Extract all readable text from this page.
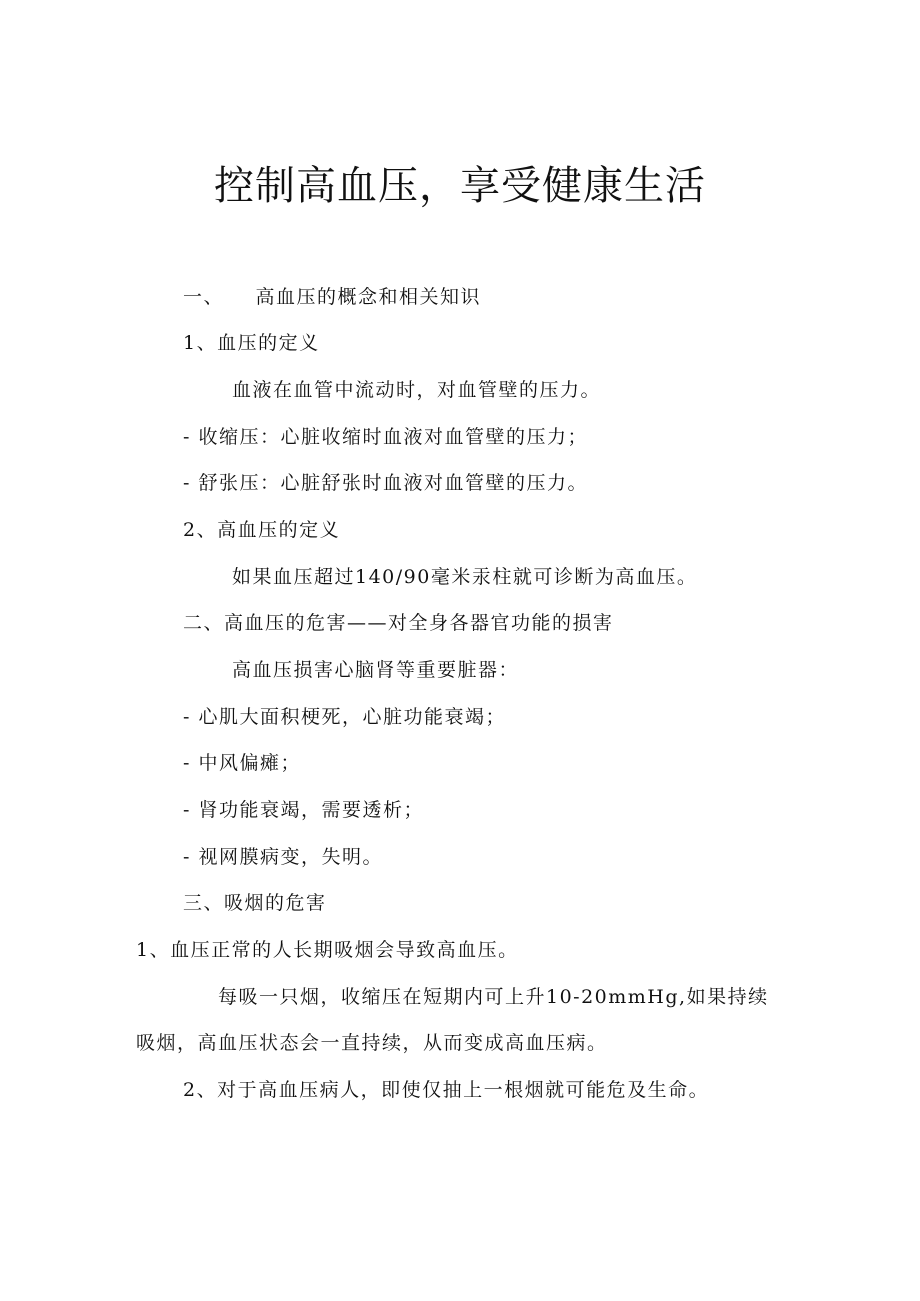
控制高血压，享受健康生活

一、　　高血压的概念和相关知识

1、血压的定义

血液在血管中流动时，对血管壁的压力。

- 收缩压：心脏收缩时血液对血管壁的压力；

- 舒张压：心脏舒张时血液对血管壁的压力。

2、高血压的定义

如果血压超过140/90毫米汞柱就可诊断为高血压。

二、高血压的危害——对全身各器官功能的损害

高血压损害心脑肾等重要脏器：

- 心肌大面积梗死，心脏功能衰竭；

- 中风偏瘫；

- 肾功能衰竭，需要透析；

- 视网膜病变，失明。

三、吸烟的危害

1、血压正常的人长期吸烟会导致高血压。

每吸一只烟，收缩压在短期内可上升10-20mmHg,如果持续

吸烟，高血压状态会一直持续，从而变成高血压病。

2、对于高血压病人，即使仅抽上一根烟就可能危及生命。
